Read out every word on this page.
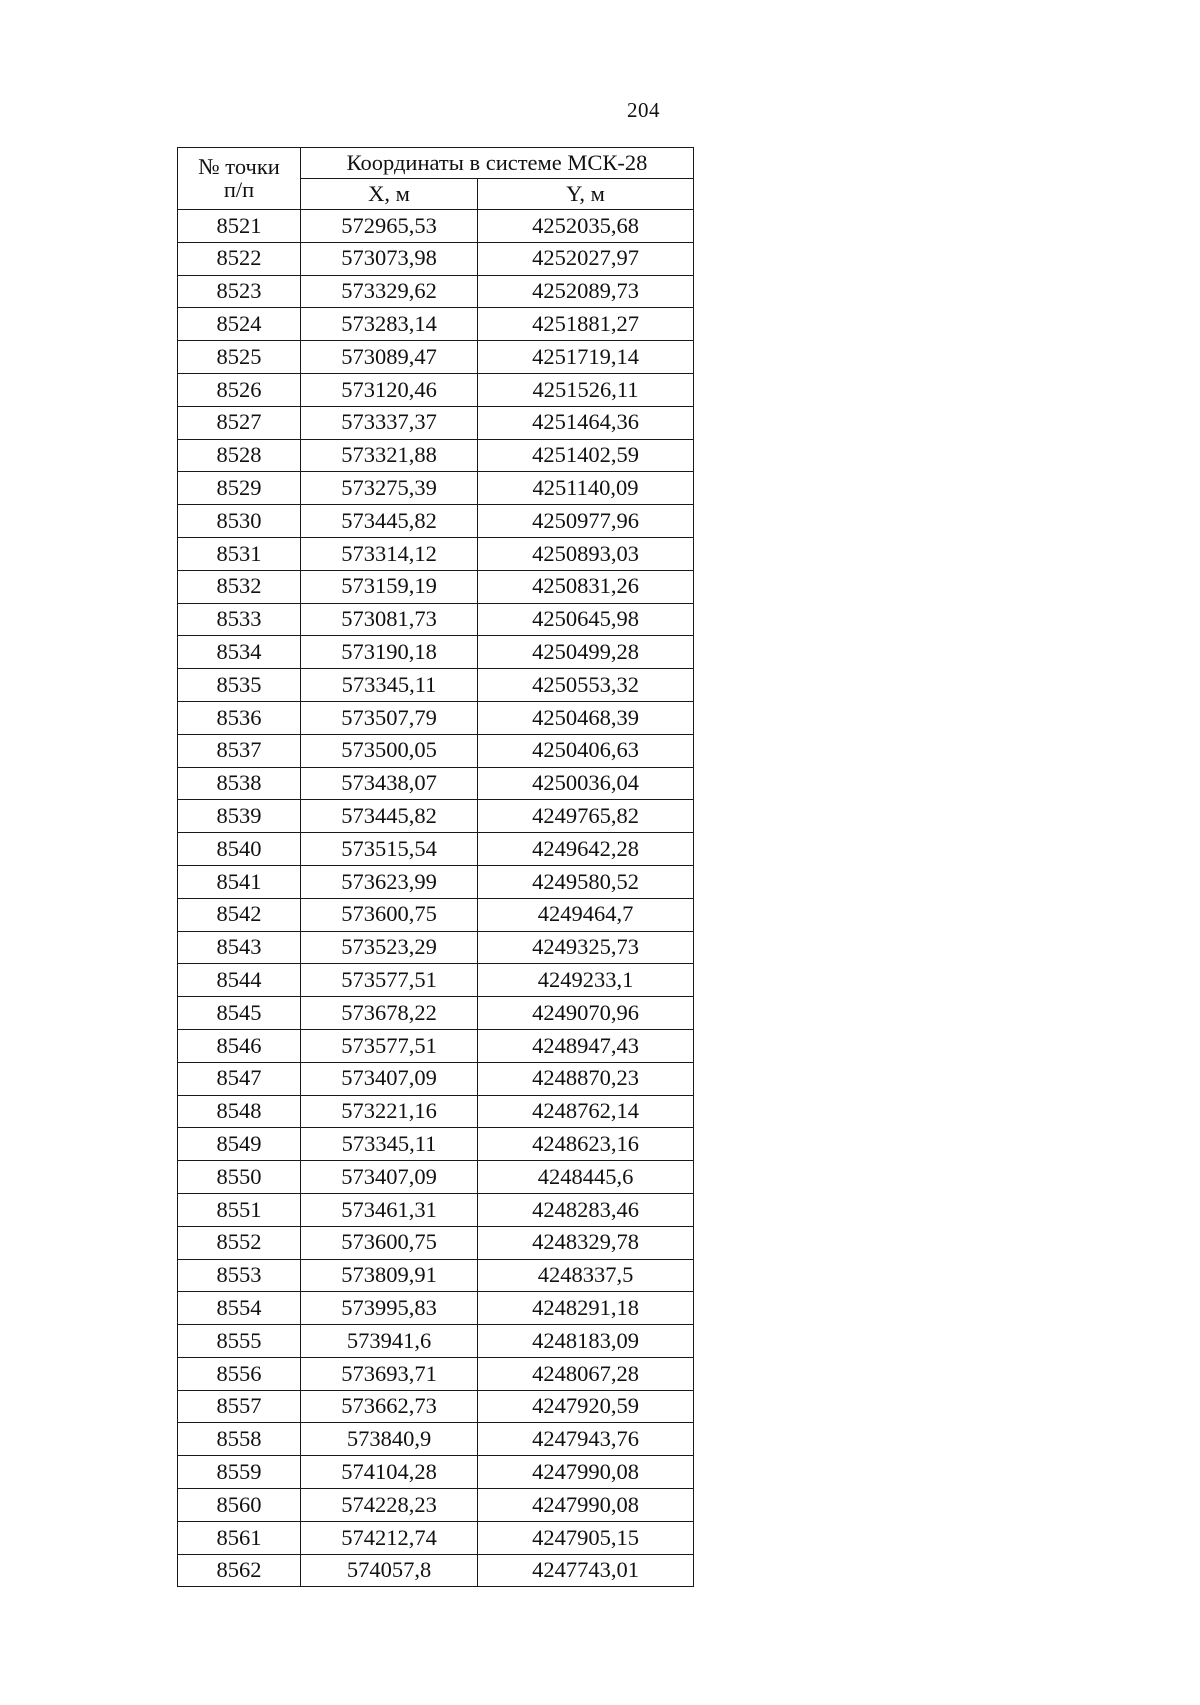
204
№ точки
п/п	Координаты в системе МСК-28	
	X, м	Y, м
8521	572965,53	4252035,68
8522	573073,98	4252027,97
8523	573329,62	4252089,73
8524	573283,14	4251881,27
8525	573089,47	4251719,14
8526	573120,46	4251526,11
8527	573337,37	4251464,36
8528	573321,88	4251402,59
8529	573275,39	4251140,09
8530	573445,82	4250977,96
8531	573314,12	4250893,03
8532	573159,19	4250831,26
8533	573081,73	4250645,98
8534	573190,18	4250499,28
8535	573345,11	4250553,32
8536	573507,79	4250468,39
8537	573500,05	4250406,63
8538	573438,07	4250036,04
8539	573445,82	4249765,82
8540	573515,54	4249642,28
8541	573623,99	4249580,52
8542	573600,75	4249464,7
8543	573523,29	4249325,73
8544	573577,51	4249233,1
8545	573678,22	4249070,96
8546	573577,51	4248947,43
8547	573407,09	4248870,23
8548	573221,16	4248762,14
8549	573345,11	4248623,16
8550	573407,09	4248445,6
8551	573461,31	4248283,46
8552	573600,75	4248329,78
8553	573809,91	4248337,5
8554	573995,83	4248291,18
8555	573941,6	4248183,09
8556	573693,71	4248067,28
8557	573662,73	4247920,59
8558	573840,9	4247943,76
8559	574104,28	4247990,08
8560	574228,23	4247990,08
8561	574212,74	4247905,15
8562	574057,8	4247743,01
